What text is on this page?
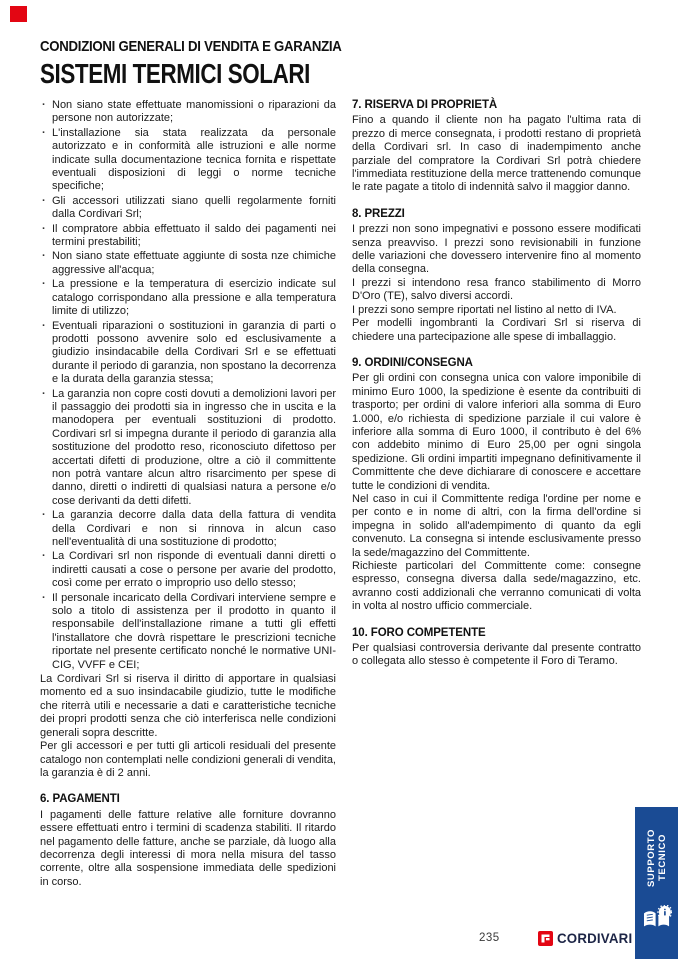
CONDIZIONI GENERALI DI VENDITA E GARANZIA
SISTEMI TERMICI SOLARI
· Non siano state effettuate manomissioni o riparazioni da persone non autorizzate;
· L'installazione sia stata realizzata da personale autorizzato e in conformità alle istruzioni e alle norme indicate sulla documentazione tecnica fornita e rispettate eventuali disposizioni di leggi o norme tecniche specifiche;
· Gli accessori utilizzati siano quelli regolarmente forniti dalla Cordivari Srl;
· Il compratore abbia effettuato il saldo dei pagamenti nei termini prestabiliti;
· Non siano state effettuate aggiunte di sosta nze chimiche aggressive all'acqua;
· La pressione e la temperatura di esercizio indicate sul catalogo corrispondano alla pressione e alla temperatura limite di utilizzo;
· Eventuali riparazioni o sostituzioni in garanzia di parti o prodotti possono avvenire solo ed esclusivamente a giudizio insindacabile della Cordivari Srl e se effettuati durante il periodo di garanzia, non spostano la decorrenza e la durata della garanzia stessa;
· La garanzia non copre costi dovuti a demolizioni lavori per il passaggio dei prodotti sia in ingresso che in uscita e la manodopera per eventuali sostituzioni di prodotto. Cordivari srl si impegna durante il periodo di garanzia alla sostituzione del prodotto reso, riconosciuto difettoso per accertati difetti di produzione, oltre a ciò il committente non potrà vantare alcun altro risarcimento per spese di danno, diretti o indiretti di qualsiasi natura a persone e/o cose derivanti da detti difetti.
· La garanzia decorre dalla data della fattura di vendita della Cordivari e non si rinnova in alcun caso nell'eventualità di una sostituzione di prodotto;
· La Cordivari srl non risponde di eventuali danni diretti o indiretti causati a cose o persone per avarie del prodotto, così come per errato o improprio uso dello stesso;
· Il personale incaricato della Cordivari interviene sempre e solo a titolo di assistenza per il prodotto in quanto il responsabile dell'installazione rimane a tutti gli effetti l'installatore che dovrà rispettare le prescrizioni tecniche riportate nel presente certificato nonché le normative UNI-CIG, VVFF e CEI;

La Cordivari Srl si riserva il diritto di apportare in qualsiasi momento ed a suo insindacabile giudizio, tutte le modifiche che riterrà utili e necessarie a dati e caratteristiche tecniche dei propri prodotti senza che ciò interferisca nelle condizioni generali sopra descritte.

Per gli accessori e per tutti gli articoli residuali del presente catalogo non contemplati nelle condizioni generali di vendita, la garanzia è di 2 anni.

6. PAGAMENTI

I pagamenti delle fatture relative alle forniture dovranno essere effettuati entro i termini di scadenza stabiliti. Il ritardo nel pagamento delle fatture, anche se parziale, dà luogo alla decorrenza degli interessi di mora nella misura del tasso corrente, oltre alla sospensione immediata delle spedizioni in corso.

7. RISERVA DI PROPRIETÀ

Fino a quando il cliente non ha pagato l'ultima rata di prezzo di merce consegnata, i prodotti restano di proprietà della Cordivari srl. In caso di inadempimento anche parziale del compratore la Cordivari Srl potrà chiedere l'immediata restituzione della merce trattenendo comunque le rate pagate a titolo di indennità salvo il maggior danno.

8. PREZZI

I prezzi non sono impegnativi e possono essere modificati senza preavviso. I prezzi sono revisionabili in funzione delle variazioni che dovessero intervenire fino al momento della consegna.

I prezzi si intendono resa franco stabilimento di Morro D'Oro (TE), salvo diversi accordi.

I prezzi sono sempre riportati nel listino al netto di IVA.

Per modelli ingombranti la Cordivari Srl si riserva di chiedere una partecipazione alle spese di imballaggio.

9. ORDINI/CONSEGNA

Per gli ordini con consegna unica con valore imponibile di minimo Euro 1000, la spedizione è esente da contribuiti di trasporto; per ordini di valore inferiori alla somma di Euro 1.000, e/o richiesta di spedizione parziale il cui valore è inferiore alla somma di Euro 1000, il contributo è del 6% con addebito minimo di Euro 25,00 per ogni singola spedizione. Gli ordini impartiti impegnano definitivamente il Committente che deve dichiarare di conoscere e accettare tutte le condizioni di vendita.

Nel caso in cui il Committente rediga l'ordine per nome e per conto e in nome di altri, con la firma dell'ordine si impegna in solido all'adempimento di quanto da egli convenuto. La consegna si intende esclusivamente presso la sede/magazzino del Committente.

Richieste particolari del Committente come: consegne espresso, consegna diversa dalla sede/magazzino, etc. avranno costi addizionali che verranno comunicati di volta in volta al nostro ufficio commerciale.

10. FORO COMPETENTE

Per qualsiasi controversia derivante dal presente contratto o collegata allo stesso è competente il Foro di Teramo.

235	CORDIVARI
SUPPORTO TECNICO
